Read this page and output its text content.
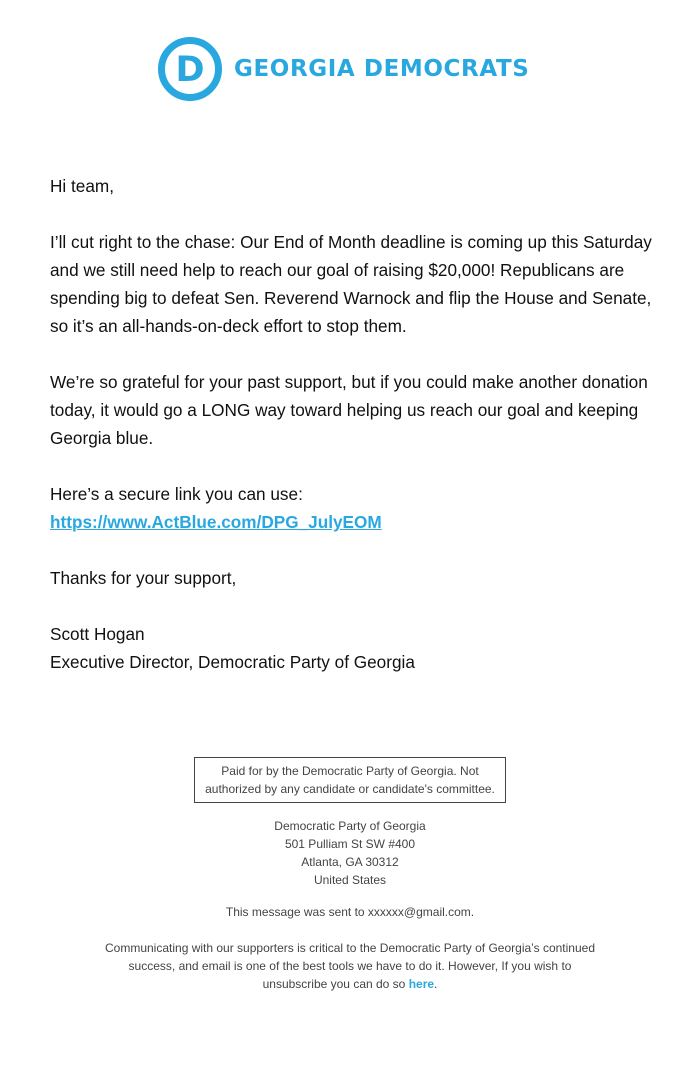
D GEORGIA DEMOCRATS

Hi team,

I’ll cut right to the chase: Our End of Month deadline is coming up this Saturday and we still need help to reach our goal of raising $20,000! Republicans are spending big to defeat Sen. Reverend Warnock and flip the House and Senate, so it’s an all-hands-on-deck effort to stop them.

We’re so grateful for your past support, but if you could make another donation today, it would go a LONG way toward helping us reach our goal and keeping Georgia blue.

Here’s a secure link you can use:
https://www.ActBlue.com/DPG_JulyEOM

Thanks for your support,

Scott Hogan
Executive Director, Democratic Party of Georgia

Paid for by the Democratic Party of Georgia. Not authorized by any candidate or candidate's committee.
Democratic Party of Georgia
501 Pulliam St SW #400
Atlanta, GA 30312
United States
This message was sent to xxxxxx@gmail.com.
Communicating with our supporters is critical to the Democratic Party of Georgia’s continued success, and email is one of the best tools we have to do it. However, If you wish to unsubscribe you can do so here.
